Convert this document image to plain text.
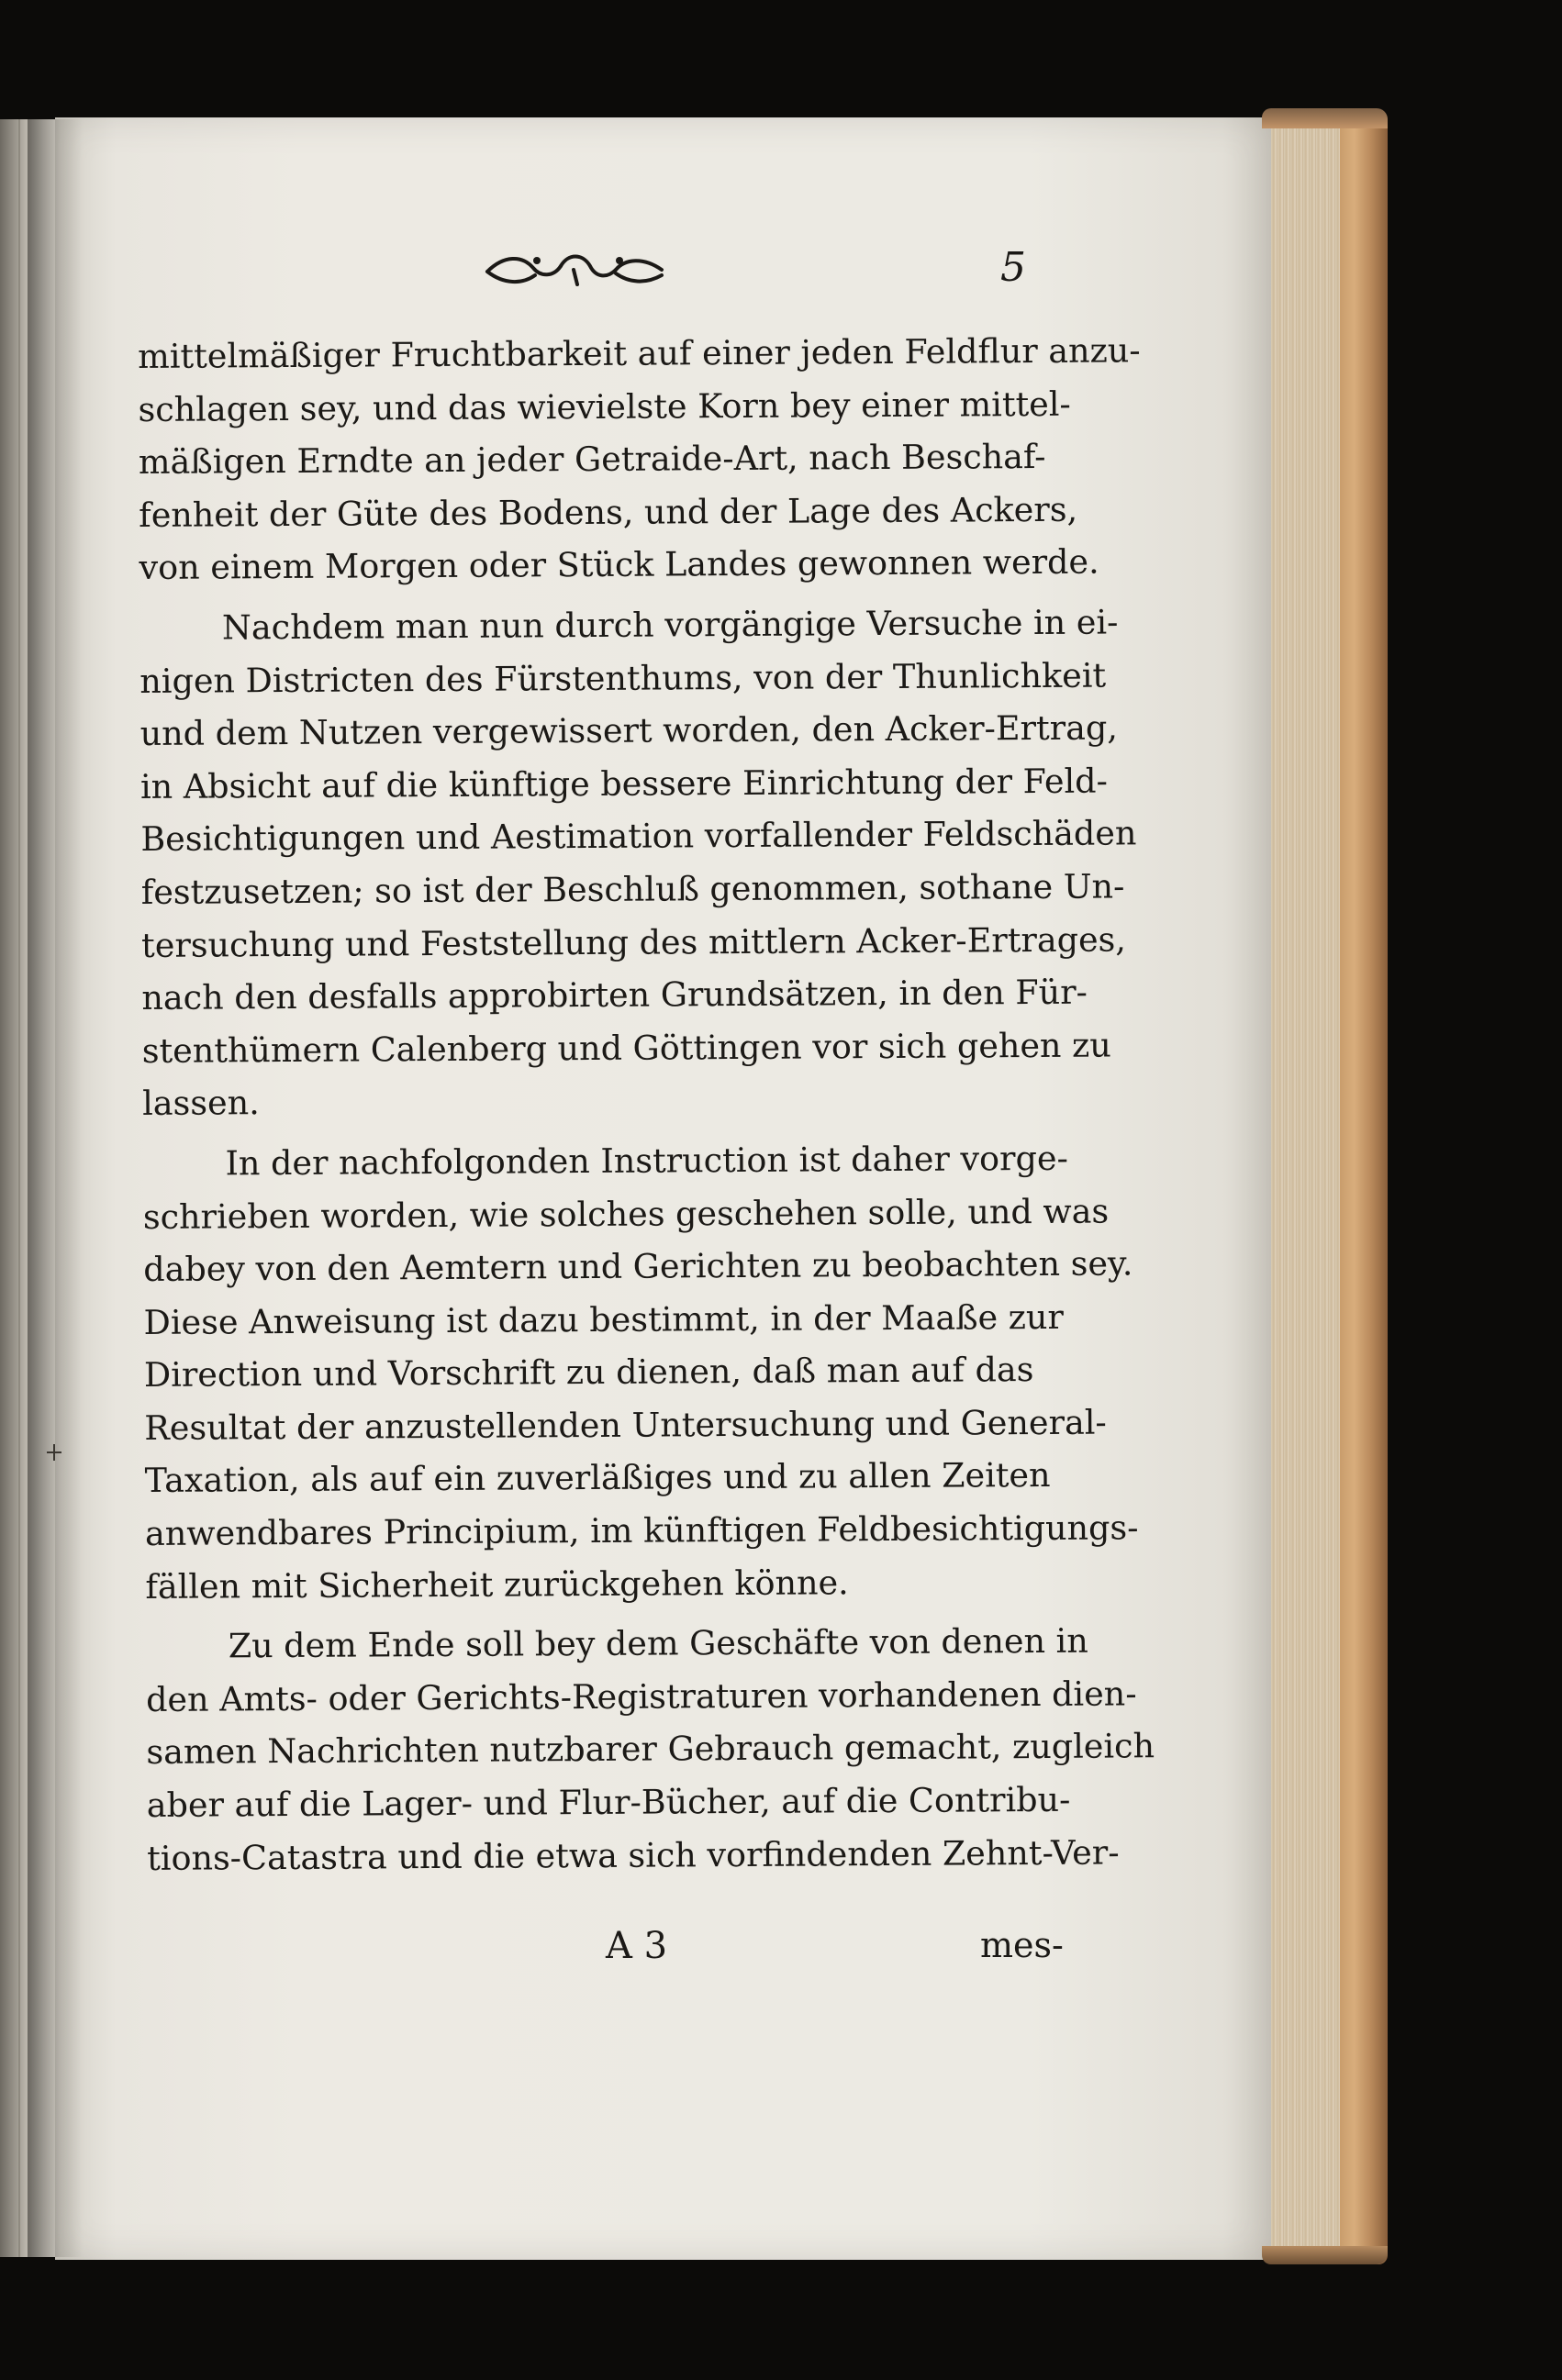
5
mittelmäßiger Fruchtbarkeit auf einer jeden Feldflur anzu-
schlagen sey, und das wievielste Korn bey einer mittel-
mäßigen Erndte an jeder Getraide-Art, nach Beschaf-
fenheit der Güte des Bodens, und der Lage des Ackers,
von einem Morgen oder Stück Landes gewonnen werde.
Nachdem man nun durch vorgängige Versuche in ei-
nigen Districten des Fürstenthums, von der Thunlichkeit
und dem Nutzen vergewissert worden, den Acker-Ertrag,
in Absicht auf die künftige bessere Einrichtung der Feld-
Besichtigungen und Aestimation vorfallender Feldschäden
festzusetzen; so ist der Beschluß genommen, sothane Un-
tersuchung und Feststellung des mittlern Acker-Ertrages,
nach den desfalls approbirten Grundsätzen, in den Für-
stenthümern Calenberg und Göttingen vor sich gehen zu
lassen.
In der nachfolgonden Instruction ist daher vorge-
schrieben worden, wie solches geschehen solle, und was
dabey von den Aemtern und Gerichten zu beobachten sey.
Diese Anweisung ist dazu bestimmt, in der Maaße zur
Direction und Vorschrift zu dienen, daß man auf das
Resultat der anzustellenden Untersuchung und General-
Taxation, als auf ein zuverläßiges und zu allen Zeiten
anwendbares Principium, im künftigen Feldbesichtigungs-
fällen mit Sicherheit zurückgehen könne.
Zu dem Ende soll bey dem Geschäfte von denen in
den Amts- oder Gerichts-Registraturen vorhandenen dien-
samen Nachrichten nutzbarer Gebrauch gemacht, zugleich
aber auf die Lager- und Flur-Bücher, auf die Contribu-
tions-Catastra und die etwa sich vorfindenden Zehnt-Ver-
A 3	mes-
